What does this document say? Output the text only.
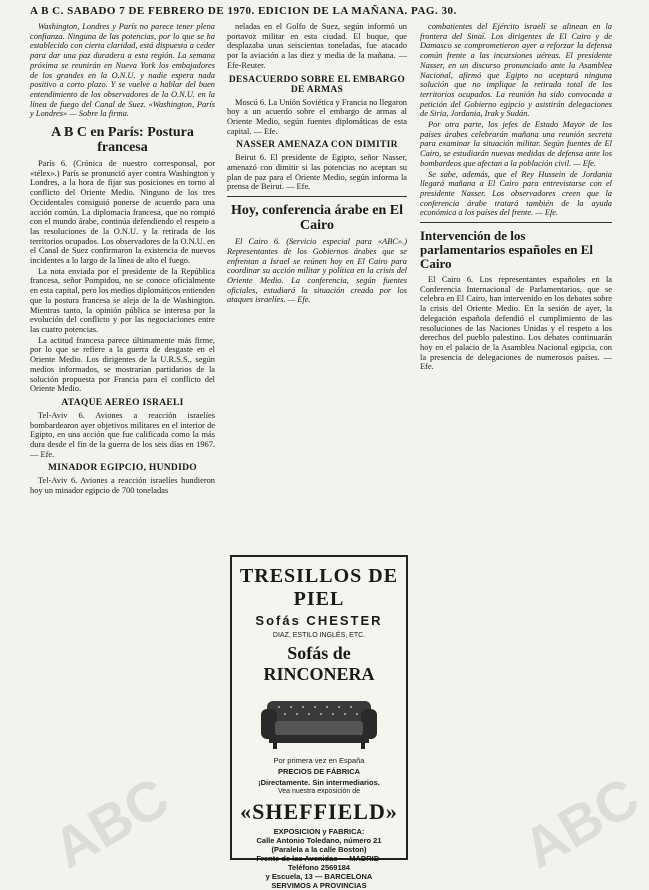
A B C. SABADO 7 DE FEBRERO DE 1970. EDICION DE LA MAÑANA. PAG. 30.

Washington, Londres y París no parece tener plena confianza. Ninguna de las potencias, por lo que se ha establecido con cierta claridad, está dispuesta a ceder para dar una paz duradera a esta región. La semana próxima se reunirán en Nueva York los embajadores de los grandes en la O.N.U. y nadie espera nada positivo a corto plazo. Y se vuelve a hablar del buen entendimiento de los observadores de la O.N.U. en la línea de fuego del Canal de Suez. «Washington, París y Londres» — Sobre la firma.

A B C en París: Postura francesa

París 6. (Crónica de nuestro corresponsal, por «télex».) París se pronunció ayer contra Washington y Londres, a la hora de fijar sus posiciones en torno al conflicto del Oriente Medio. Ninguno de los tres Occidentales consiguió ponerse de acuerdo para una acción común. La diplomacia francesa, que no rompió con el mundo árabe, continúa defendiendo el respeto a las resoluciones de la O.N.U. y la retirada de los territorios ocupados. Los observadores de la O.N.U. en el Canal de Suez confirmaron la existencia de nuevos incidentes a lo largo de la línea de alto el fuego.

La nota enviada por el presidente de la República francesa, señor Pompidou, no se conoce oficialmente en esta capital, pero los medios diplomáticos entienden que la postura francesa se aleja de la de Washington. Mientras tanto, la opinión pública se interesa por la evolución del conflicto y por las negociaciones entre las cuatro potencias.

La actitud francesa parece últimamente más firme, por lo que se refiere a la guerra de desgaste en el Oriente Medio. Los dirigentes de la U.R.S.S., según medios informados, se mostrarían partidarios de la solución propuesta por Francia para el conflicto del Oriente Medio.

ATAQUE AEREO ISRAELI

Tel-Aviv 6. Aviones a reacción israelíes bombardearon ayer objetivos militares en el interior de Egipto, en una acción que fue calificada como la más dura desde el fin de la guerra de los seis días en 1967. — Efe.

MINADOR EGIPCIO, HUNDIDO

Tel-Aviv 6. Aviones a reacción israelíes hundieron hoy un minador egipcio de 700 toneladas

neladas en el Golfo de Suez, según informó un portavoz militar en esta ciudad. El buque, que desplazaba unas seiscientas toneladas, fue atacado por la aviación a las diez y media de la mañana. — Efe-Reuter.

DESACUERDO SOBRE EL EMBARGO DE ARMAS

Moscú 6. La Unión Soviética y Francia no llegaron hoy a un acuerdo sobre el embargo de armas al Oriente Medio, según fuentes diplomáticas de esta capital. — Efe.

NASSER AMENAZA CON DIMITIR

Beirut 6. El presidente de Egipto, señor Nasser, amenazó con dimitir si las potencias no aceptan su plan de paz para el Oriente Medio, según informa la prensa de Beirut. — Efe.

Hoy, conferencia árabe en El Cairo

El Cairo 6. (Servicio especial para «ABC».) Representantes de los Gobiernos árabes que se enfrentan a Israel se reúnen hoy en El Cairo para coordinar su acción militar y política en la crisis del Oriente Medio. La conferencia, según fuentes oficiales, estudiará la situación creada por los ataques israelíes. — Efe.

TRESILLOS DE PIEL
Sofás CHESTER
DIAZ, ESTILO INGLÉS, ETC.
Sofás de RINCONERA
Por primera vez en España
PRECIOS DE FÁBRICA
¡Directamente. Sin intermediarios.
Vea nuestra exposición de
«SHEFFIELD»
EXPOSICION y FABRICA:
Calle Antonio Toledano, número 21
(Paralela a la calle Boston)
Frente de las Avenidas — MADRID-
Teléfono 2569184
y Escuela, 13 — BARCELONA
SERVIMOS A PROVINCIAS

combatientes del Ejército israelí se alinean en la frontera del Sinaí. Los dirigentes de El Cairo y de Damasco se comprometieron ayer a reforzar la defensa común frente a las incursiones aéreas. El presidente Nasser, en un discurso pronunciado ante la Asamblea Nacional, afirmó que Egipto no aceptará ninguna solución que no implique la retirada total de los territorios ocupados. La reunión ha sido convocada a petición del Gobierno egipcio y asistirán delegaciones de Siria, Jordania, Irak y Sudán.

Por otra parte, los jefes de Estado Mayor de los países árabes celebrarán mañana una reunión secreta para examinar la situación militar. Según fuentes de El Cairo, se estudiarán nuevas medidas de defensa ante los bombardeos que afectan a la población civil. — Efe.

Se sabe, además, que el Rey Hussein de Jordania llegará mañana a El Cairo para entrevistarse con el presidente Nasser. Los observadores creen que la conferencia árabe tratará también de la ayuda económica a los países del frente. — Efe.

Intervención de los parlamentarios españoles en El Cairo

El Cairo 6. Los representantes españoles en la Conferencia Internacional de Parlamentarios, que se celebra en El Cairo, han intervenido en los debates sobre la crisis del Oriente Medio. En la sesión de ayer, la delegación española defendió el cumplimiento de las resoluciones de las Naciones Unidas y el respeto a los derechos del pueblo palestino. Los debates continuarán hoy en el palacio de la Asamblea Nacional egipcia, con la presencia de delegaciones de numerosos países. — Efe.

ABC	ABC
